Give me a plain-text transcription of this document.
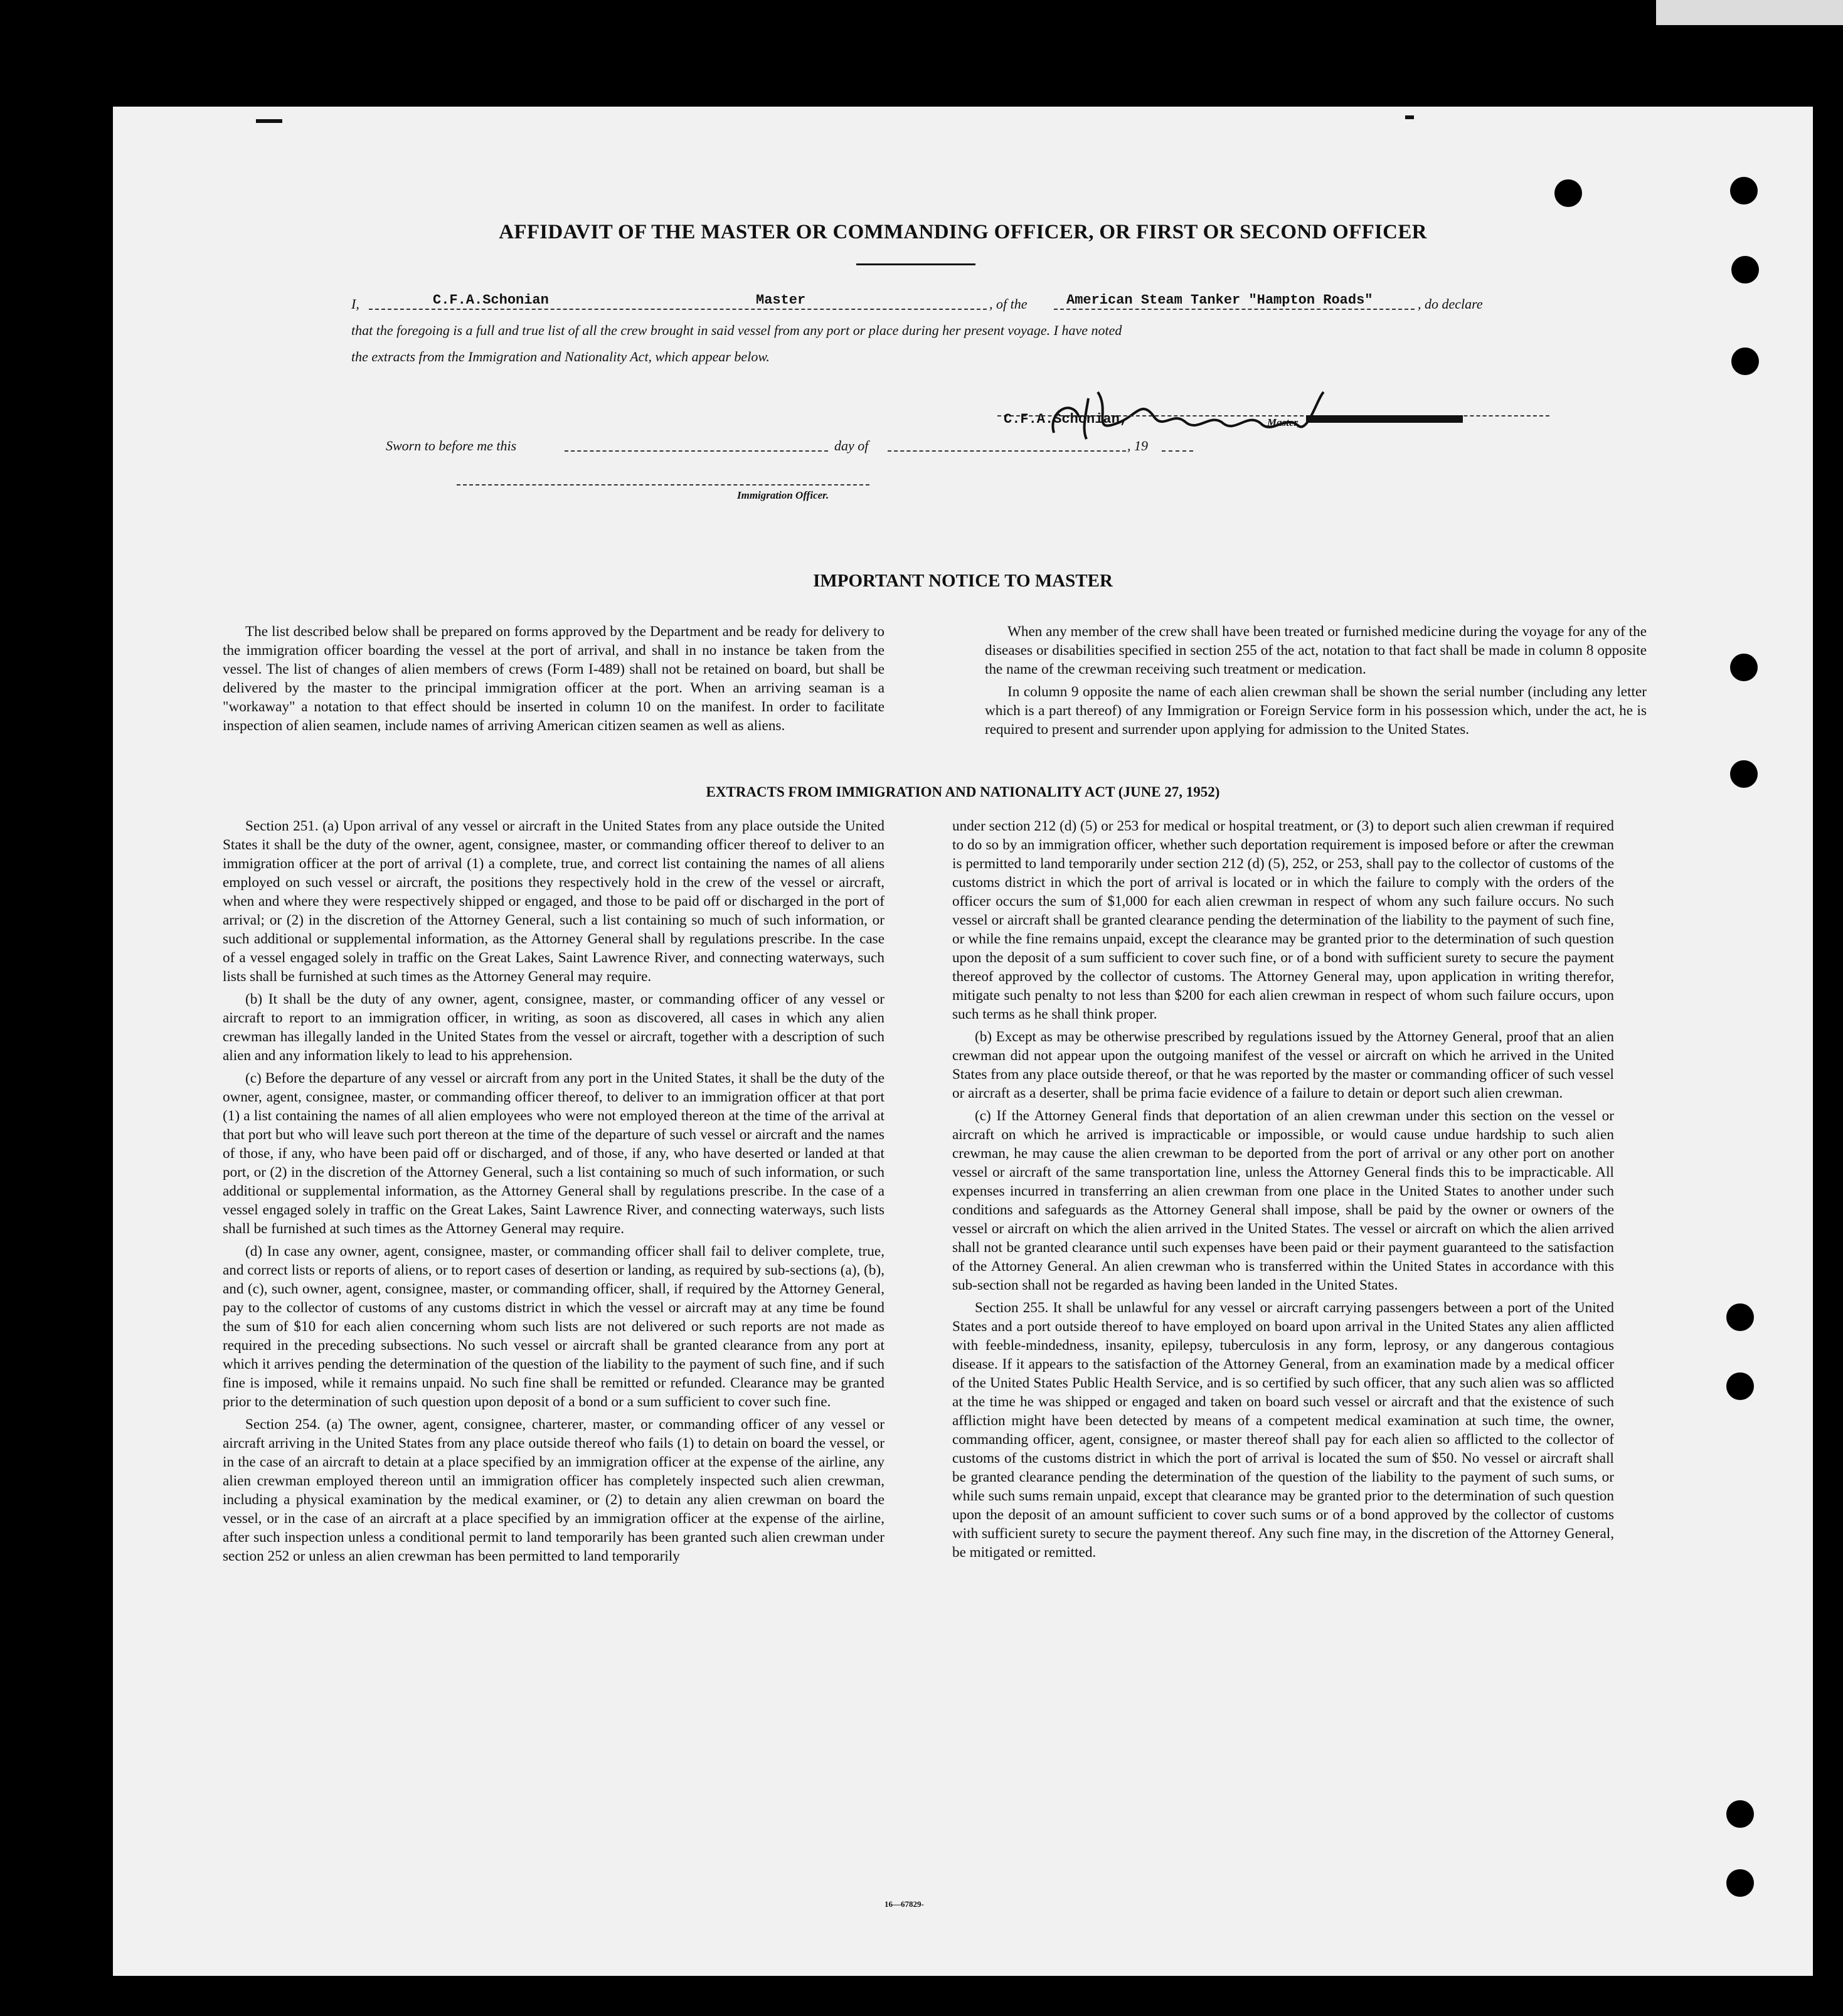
AFFIDAVIT OF THE MASTER OR COMMANDING OFFICER, OR FIRST OR SECOND OFFICER
I,	C.F.A.Schonian	Master	, of the	American Steam Tanker "Hampton Roads"	, do declare
that the foregoing is a full and true list of all the crew brought in said vessel from any port or place during her present voyage. I have noted
the extracts from the Immigration and Nationality Act, which appear below.
C.F.A.Schonian,	Master,
Sworn to before me this	day of	, 19
Immigration Officer.
IMPORTANT NOTICE TO MASTER

The list described below shall be prepared on forms approved by the Department and be ready for delivery to the immigration officer boarding the vessel at the port of arrival, and shall in no instance be taken from the vessel. The list of changes of alien members of crews (Form I-489) shall not be retained on board, but shall be delivered by the master to the principal immigration officer at the port. When an arriving seaman is a "workaway" a notation to that effect should be inserted in column 10 on the manifest. In order to facilitate inspection of alien seamen, include names of arriving American citizen seamen as well as aliens.

When any member of the crew shall have been treated or furnished medicine during the voyage for any of the diseases or disabilities specified in section 255 of the act, notation to that fact shall be made in column 8 opposite the name of the crewman receiving such treatment or medication.

In column 9 opposite the name of each alien crewman shall be shown the serial number (including any letter which is a part thereof) of any Immigration or Foreign Service form in his possession which, under the act, he is required to present and surrender upon applying for admission to the United States.

EXTRACTS FROM IMMIGRATION AND NATIONALITY ACT (JUNE 27, 1952)

Section 251. (a) Upon arrival of any vessel or aircraft in the United States from any place outside the United States it shall be the duty of the owner, agent, consignee, master, or commanding officer thereof to deliver to an immigration officer at the port of arrival (1) a complete, true, and correct list containing the names of all aliens employed on such vessel or aircraft, the positions they respectively hold in the crew of the vessel or aircraft, when and where they were respectively shipped or engaged, and those to be paid off or discharged in the port of arrival; or (2) in the discretion of the Attorney General, such a list containing so much of such information, or such additional or supplemental information, as the Attorney General shall by regulations prescribe. In the case of a vessel engaged solely in traffic on the Great Lakes, Saint Lawrence River, and connecting waterways, such lists shall be furnished at such times as the Attorney General may require.

(b) It shall be the duty of any owner, agent, consignee, master, or commanding officer of any vessel or aircraft to report to an immigration officer, in writing, as soon as discovered, all cases in which any alien crewman has illegally landed in the United States from the vessel or aircraft, together with a description of such alien and any information likely to lead to his apprehension.

(c) Before the departure of any vessel or aircraft from any port in the United States, it shall be the duty of the owner, agent, consignee, master, or commanding officer thereof, to deliver to an immigration officer at that port (1) a list containing the names of all alien employees who were not employed thereon at the time of the arrival at that port but who will leave such port thereon at the time of the departure of such vessel or aircraft and the names of those, if any, who have been paid off or discharged, and of those, if any, who have deserted or landed at that port, or (2) in the discretion of the Attorney General, such a list containing so much of such information, or such additional or supplemental information, as the Attorney General shall by regulations prescribe. In the case of a vessel engaged solely in traffic on the Great Lakes, Saint Lawrence River, and connecting waterways, such lists shall be furnished at such times as the Attorney General may require.

(d) In case any owner, agent, consignee, master, or commanding officer shall fail to deliver complete, true, and correct lists or reports of aliens, or to report cases of desertion or landing, as required by sub-sections (a), (b), and (c), such owner, agent, consignee, master, or commanding officer, shall, if required by the Attorney General, pay to the collector of customs of any customs district in which the vessel or aircraft may at any time be found the sum of $10 for each alien concerning whom such lists are not delivered or such reports are not made as required in the preceding subsections. No such vessel or aircraft shall be granted clearance from any port at which it arrives pending the determination of the question of the liability to the payment of such fine, and if such fine is imposed, while it remains unpaid. No such fine shall be remitted or refunded. Clearance may be granted prior to the determination of such question upon deposit of a bond or a sum sufficient to cover such fine.

Section 254. (a) The owner, agent, consignee, charterer, master, or commanding officer of any vessel or aircraft arriving in the United States from any place outside thereof who fails (1) to detain on board the vessel, or in the case of an aircraft to detain at a place specified by an immigration officer at the expense of the airline, any alien crewman employed thereon until an immigration officer has completely inspected such alien crewman, including a physical examination by the medical examiner, or (2) to detain any alien crewman on board the vessel, or in the case of an aircraft at a place specified by an immigration officer at the expense of the airline, after such inspection unless a conditional permit to land temporarily has been granted such alien crewman under section 252 or unless an alien crewman has been permitted to land temporarily

under section 212 (d) (5) or 253 for medical or hospital treatment, or (3) to deport such alien crewman if required to do so by an immigration officer, whether such deportation requirement is imposed before or after the crewman is permitted to land temporarily under section 212 (d) (5), 252, or 253, shall pay to the collector of customs of the customs district in which the port of arrival is located or in which the failure to comply with the orders of the officer occurs the sum of $1,000 for each alien crewman in respect of whom any such failure occurs. No such vessel or aircraft shall be granted clearance pending the determination of the liability to the payment of such fine, or while the fine remains unpaid, except the clearance may be granted prior to the determination of such question upon the deposit of a sum sufficient to cover such fine, or of a bond with sufficient surety to secure the payment thereof approved by the collector of customs. The Attorney General may, upon application in writing therefor, mitigate such penalty to not less than $200 for each alien crewman in respect of whom such failure occurs, upon such terms as he shall think proper.

(b) Except as may be otherwise prescribed by regulations issued by the Attorney General, proof that an alien crewman did not appear upon the outgoing manifest of the vessel or aircraft on which he arrived in the United States from any place outside thereof, or that he was reported by the master or commanding officer of such vessel or aircraft as a deserter, shall be prima facie evidence of a failure to detain or deport such alien crewman.

(c) If the Attorney General finds that deportation of an alien crewman under this section on the vessel or aircraft on which he arrived is impracticable or impossible, or would cause undue hardship to such alien crewman, he may cause the alien crewman to be deported from the port of arrival or any other port on another vessel or aircraft of the same transportation line, unless the Attorney General finds this to be impracticable. All expenses incurred in transferring an alien crewman from one place in the United States to another under such conditions and safeguards as the Attorney General shall impose, shall be paid by the owner or owners of the vessel or aircraft on which the alien arrived in the United States. The vessel or aircraft on which the alien arrived shall not be granted clearance until such expenses have been paid or their payment guaranteed to the satisfaction of the Attorney General. An alien crewman who is transferred within the United States in accordance with this sub-section shall not be regarded as having been landed in the United States.

Section 255. It shall be unlawful for any vessel or aircraft carrying passengers between a port of the United States and a port outside thereof to have employed on board upon arrival in the United States any alien afflicted with feeble-mindedness, insanity, epilepsy, tuberculosis in any form, leprosy, or any dangerous contagious disease. If it appears to the satisfaction of the Attorney General, from an examination made by a medical officer of the United States Public Health Service, and is so certified by such officer, that any such alien was so afflicted at the time he was shipped or engaged and taken on board such vessel or aircraft and that the existence of such affliction might have been detected by means of a competent medical examination at such time, the owner, commanding officer, agent, consignee, or master thereof shall pay for each alien so afflicted to the collector of customs of the customs district in which the port of arrival is located the sum of $50. No vessel or aircraft shall be granted clearance pending the determination of the question of the liability to the payment of such sums, or while such sums remain unpaid, except that clearance may be granted prior to the determination of such question upon the deposit of an amount sufficient to cover such sums or of a bond approved by the collector of customs with sufficient surety to secure the payment thereof. Any such fine may, in the discretion of the Attorney General, be mitigated or remitted.

16—67829-
